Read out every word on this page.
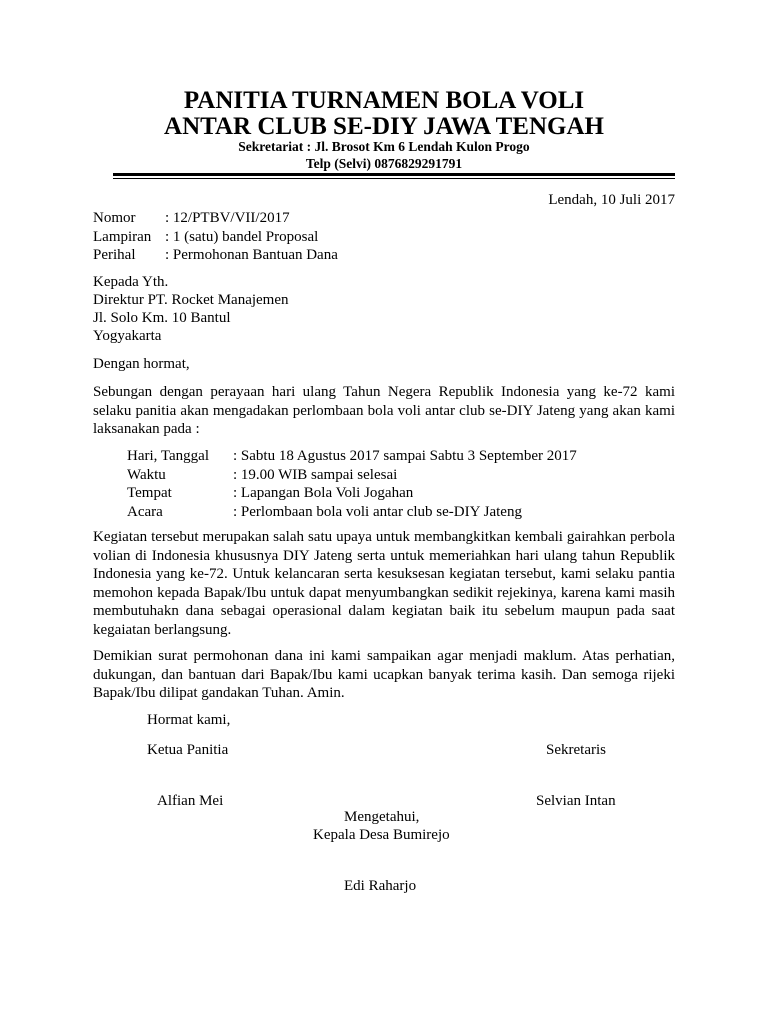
PANITIA TURNAMEN BOLA VOLI
ANTAR CLUB SE-DIY JAWA TENGAH
Sekretariat : Jl. Brosot Km 6 Lendah Kulon Progo
Telp (Selvi) 0876829291791
Lendah, 10 Juli 2017
Nomor	: 12/PTBV/VII/2017
Lampiran	: 1 (satu) bandel Proposal
Perihal	: Permohonan Bantuan Dana
Kepada Yth.
Direktur PT. Rocket Manajemen
Jl. Solo Km. 10 Bantul
Yogyakarta
Dengan hormat,

Sebungan dengan perayaan hari ulang Tahun Negera Republik Indonesia yang ke-72 kami selaku panitia akan mengadakan perlombaan bola voli antar club se-DIY Jateng yang akan kami laksanakan pada :

Hari, Tanggal	: Sabtu 18 Agustus 2017 sampai Sabtu 3 September 2017
Waktu	: 19.00 WIB sampai selesai
Tempat	: Lapangan Bola Voli Jogahan
Acara	: Perlombaan bola voli antar club se-DIY Jateng

Kegiatan tersebut merupakan salah satu upaya untuk membangkitkan kembali gairahkan perbola volian di Indonesia khususnya DIY Jateng serta untuk memeriahkan hari ulang tahun Republik Indonesia yang ke-72. Untuk kelancaran serta kesuksesan kegiatan tersebut, kami selaku pantia memohon kepada Bapak/Ibu untuk dapat menyumbangkan sedikit rejekinya, karena kami masih membutuhakn dana sebagai operasional dalam kegiatan baik itu sebelum maupun pada saat kegaiatan berlangsung.

Demikian surat permohonan dana ini kami sampaikan agar menjadi maklum. Atas perhatian, dukungan, dan bantuan dari Bapak/Ibu kami ucapkan banyak terima kasih. Dan semoga rijeki Bapak/Ibu dilipat gandakan Tuhan. Amin.

Hormat kami,
Ketua Panitia	Sekretaris
Alfian Mei	Selvian Intan
Mengetahui,
Kepala Desa Bumirejo
Edi Raharjo
